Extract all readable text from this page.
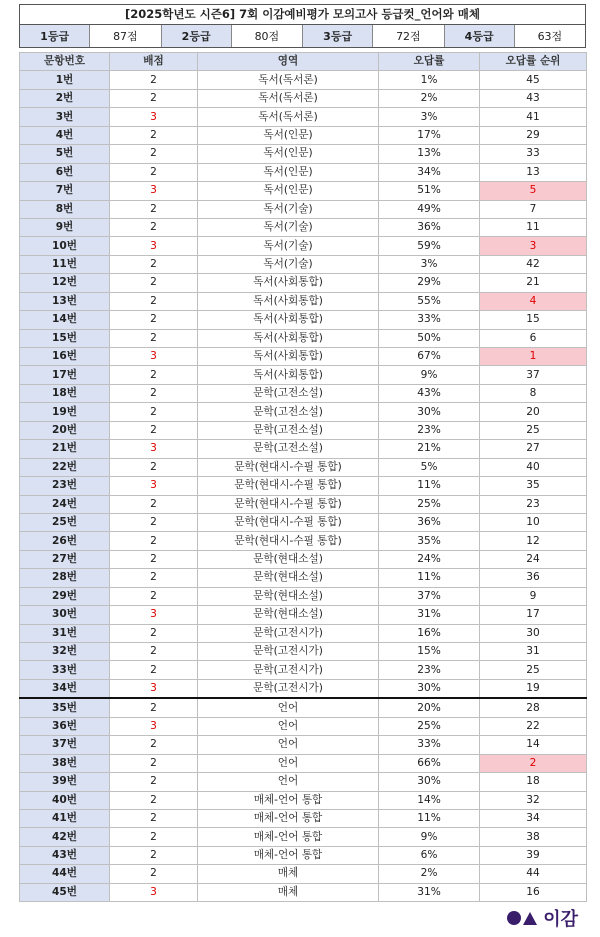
[2025학년도 시즌6] 7회 이감예비평가 모의고사 등급컷_언어와 매체
1등급	87점	2등급	80점	3등급	72점	4등급	63점
문항번호	배점	영역	오답률	오답률 순위
1번	2	독서(독서론)	1%	45
2번	2	독서(독서론)	2%	43
3번	3	독서(독서론)	3%	41
4번	2	독서(인문)	17%	29
5번	2	독서(인문)	13%	33
6번	2	독서(인문)	34%	13
7번	3	독서(인문)	51%	5
8번	2	독서(기술)	49%	7
9번	2	독서(기술)	36%	11
10번	3	독서(기술)	59%	3
11번	2	독서(기술)	3%	42
12번	2	독서(사회통합)	29%	21
13번	2	독서(사회통합)	55%	4
14번	2	독서(사회통합)	33%	15
15번	2	독서(사회통합)	50%	6
16번	3	독서(사회통합)	67%	1
17번	2	독서(사회통합)	9%	37
18번	2	문학(고전소설)	43%	8
19번	2	문학(고전소설)	30%	20
20번	2	문학(고전소설)	23%	25
21번	3	문학(고전소설)	21%	27
22번	2	문학(현대시-수필 통합)	5%	40
23번	3	문학(현대시-수필 통합)	11%	35
24번	2	문학(현대시-수필 통합)	25%	23
25번	2	문학(현대시-수필 통합)	36%	10
26번	2	문학(현대시-수필 통합)	35%	12
27번	2	문학(현대소설)	24%	24
28번	2	문학(현대소설)	11%	36
29번	2	문학(현대소설)	37%	9
30번	3	문학(현대소설)	31%	17
31번	2	문학(고전시가)	16%	30
32번	2	문학(고전시가)	15%	31
33번	2	문학(고전시가)	23%	25
34번	3	문학(고전시가)	30%	19
35번	2	언어	20%	28
36번	3	언어	25%	22
37번	2	언어	33%	14
38번	2	언어	66%	2
39번	2	언어	30%	18
40번	2	매체-언어 통합	14%	32
41번	2	매체-언어 통합	11%	34
42번	2	매체-언어 통합	9%	38
43번	2	매체-언어 통합	6%	39
44번	2	매체	2%	44
45번	3	매체	31%	16
이감
